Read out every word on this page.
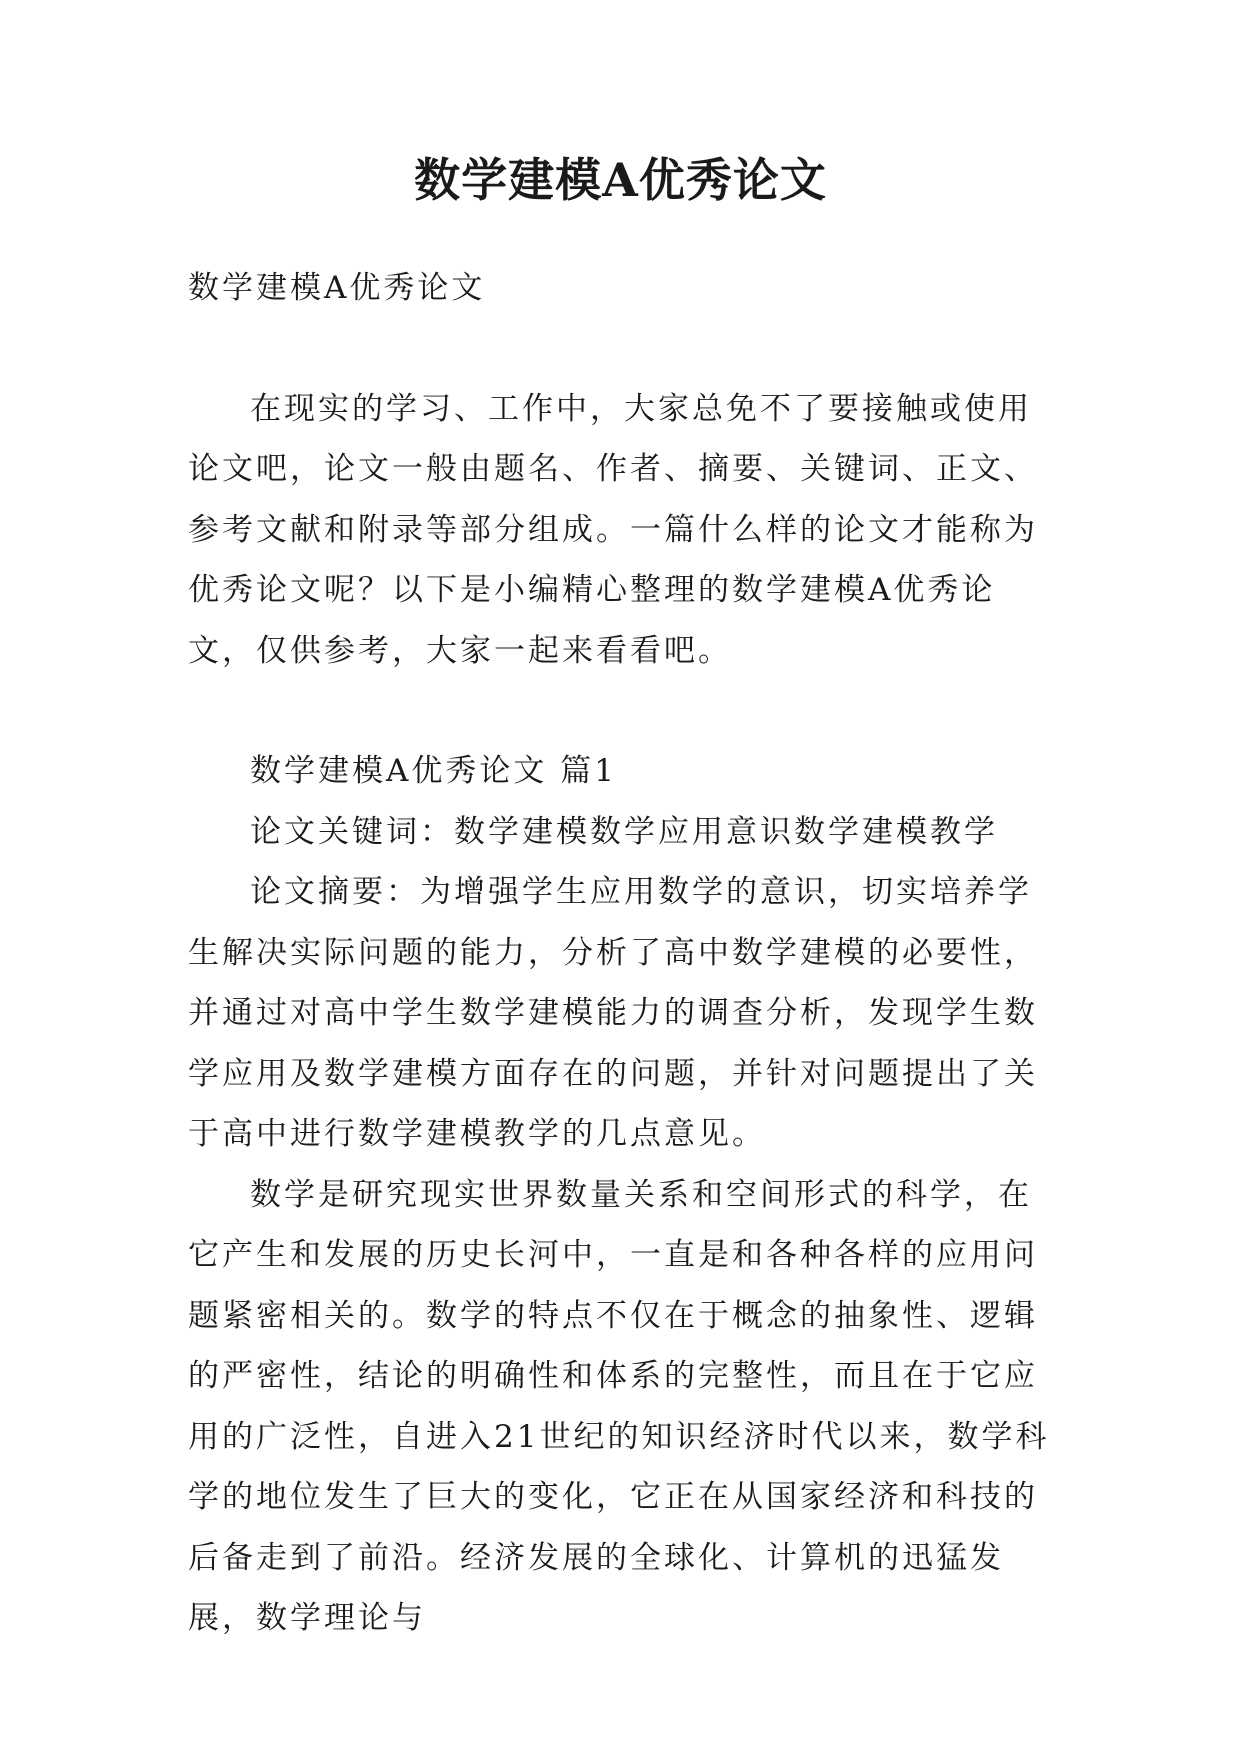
数学建模A优秀论文

数学建模A优秀论文

在现实的学习、工作中，大家总免不了要接触或使用论文吧，论文一般由题名、作者、摘要、关键词、正文、参考文献和附录等部分组成。一篇什么样的论文才能称为优秀论文呢？以下是小编精心整理的数学建模A优秀论文，仅供参考，大家一起来看看吧。

数学建模A优秀论文 篇1

论文关键词：数学建模数学应用意识数学建模教学

论文摘要：为增强学生应用数学的意识，切实培养学生解决实际问题的能力，分析了高中数学建模的必要性，并通过对高中学生数学建模能力的调查分析，发现学生数学应用及数学建模方面存在的问题，并针对问题提出了关于高中进行数学建模教学的几点意见。

数学是研究现实世界数量关系和空间形式的科学，在它产生和发展的历史长河中，一直是和各种各样的应用问题紧密相关的。数学的特点不仅在于概念的抽象性、逻辑的严密性，结论的明确性和体系的完整性，而且在于它应用的广泛性，自进入21世纪的知识经济时代以来，数学科学的地位发生了巨大的变化，它正在从国家经济和科技的后备走到了前沿。经济发展的全球化、计算机的迅猛发展，数学理论与
